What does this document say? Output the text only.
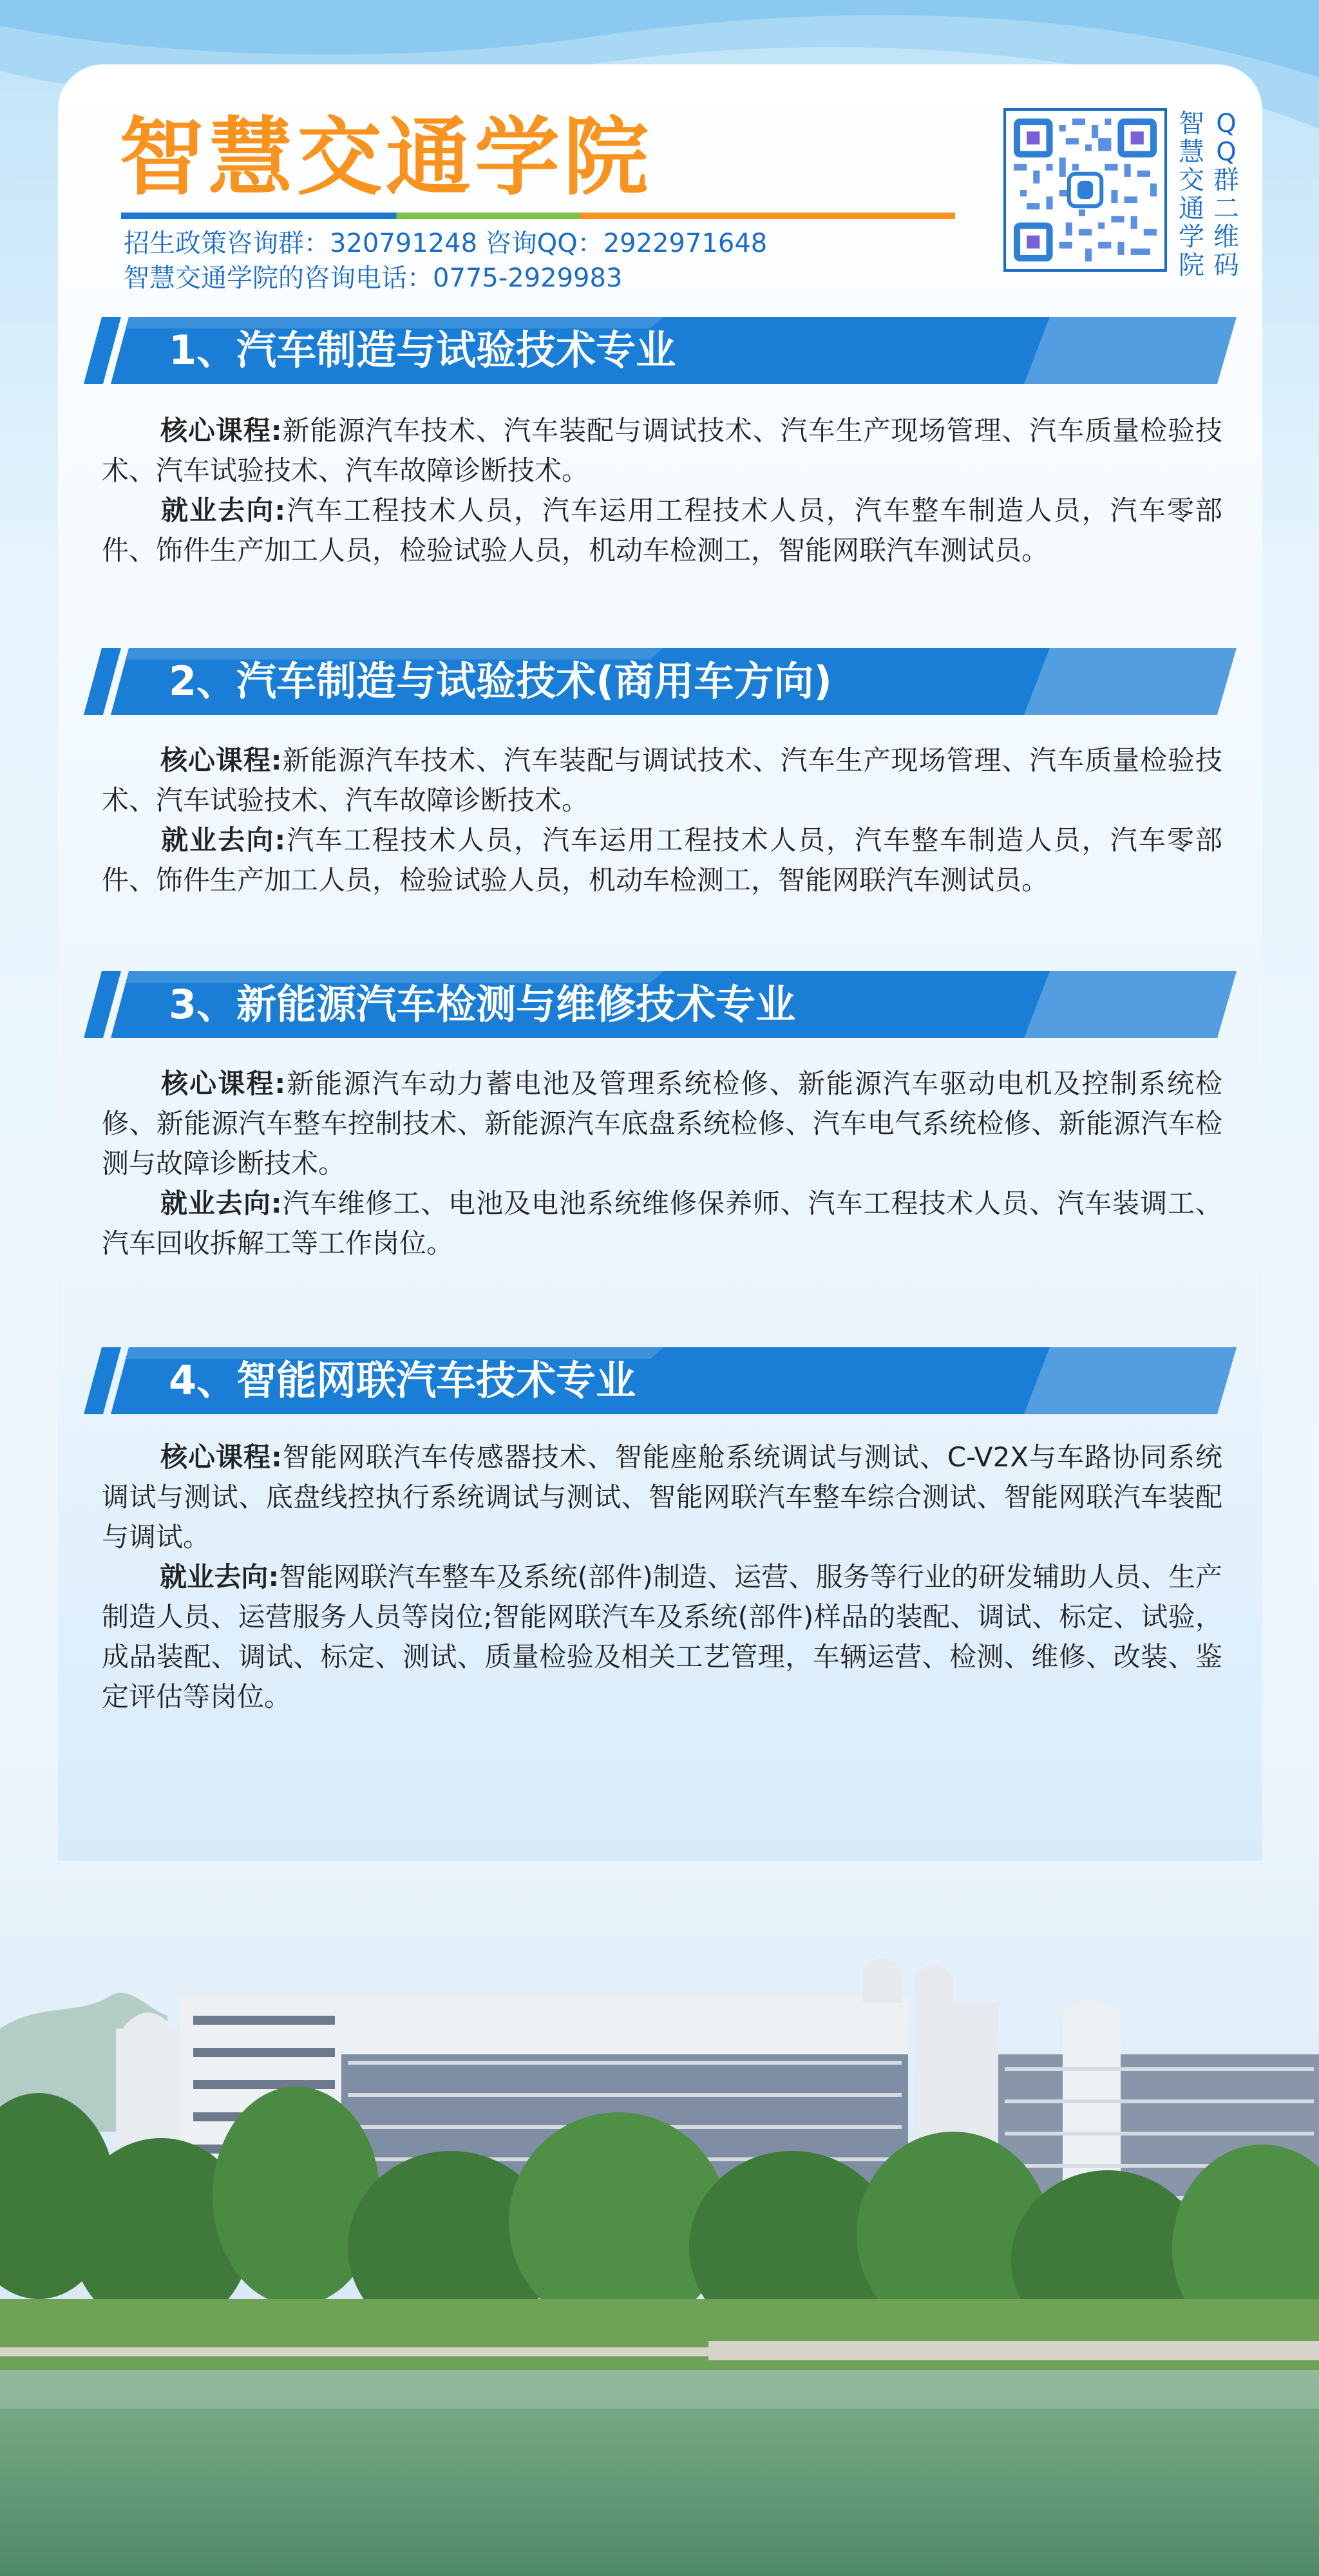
智慧交通学院
招生政策咨询群：320791248 咨询QQ：2922971648
智慧交通学院的咨询电话：0775-2929983
智慧交通学院
QQ群二维码
1、汽车制造与试验技术专业
核心课程:新能源汽车技术、汽车装配与调试技术、汽车生产现场管理、汽车质量检验技术、汽车试验技术、汽车故障诊断技术。
就业去向:汽车工程技术人员，汽车运用工程技术人员，汽车整车制造人员，汽车零部件、饰件生产加工人员，检验试验人员，机动车检测工，智能网联汽车测试员。
2、汽车制造与试验技术(商用车方向)
核心课程:新能源汽车技术、汽车装配与调试技术、汽车生产现场管理、汽车质量检验技术、汽车试验技术、汽车故障诊断技术。
就业去向:汽车工程技术人员，汽车运用工程技术人员，汽车整车制造人员，汽车零部件、饰件生产加工人员，检验试验人员，机动车检测工，智能网联汽车测试员。
3、新能源汽车检测与维修技术专业
核心课程:新能源汽车动力蓄电池及管理系统检修、新能源汽车驱动电机及控制系统检修、新能源汽车整车控制技术、新能源汽车底盘系统检修、汽车电气系统检修、新能源汽车检测与故障诊断技术。
就业去向:汽车维修工、电池及电池系统维修保养师、汽车工程技术人员、汽车装调工、汽车回收拆解工等工作岗位。
4、智能网联汽车技术专业
核心课程:智能网联汽车传感器技术、智能座舱系统调试与测试、C-V2X与车路协同系统调试与测试、底盘线控执行系统调试与测试、智能网联汽车整车综合测试、智能网联汽车装配与调试。
就业去向:智能网联汽车整车及系统(部件)制造、运营、服务等行业的研发辅助人员、生产制造人员、运营服务人员等岗位;智能网联汽车及系统(部件)样品的装配、调试、标定、试验，成品装配、调试、标定、测试、质量检验及相关工艺管理，车辆运营、检测、维修、改装、鉴定评估等岗位。
